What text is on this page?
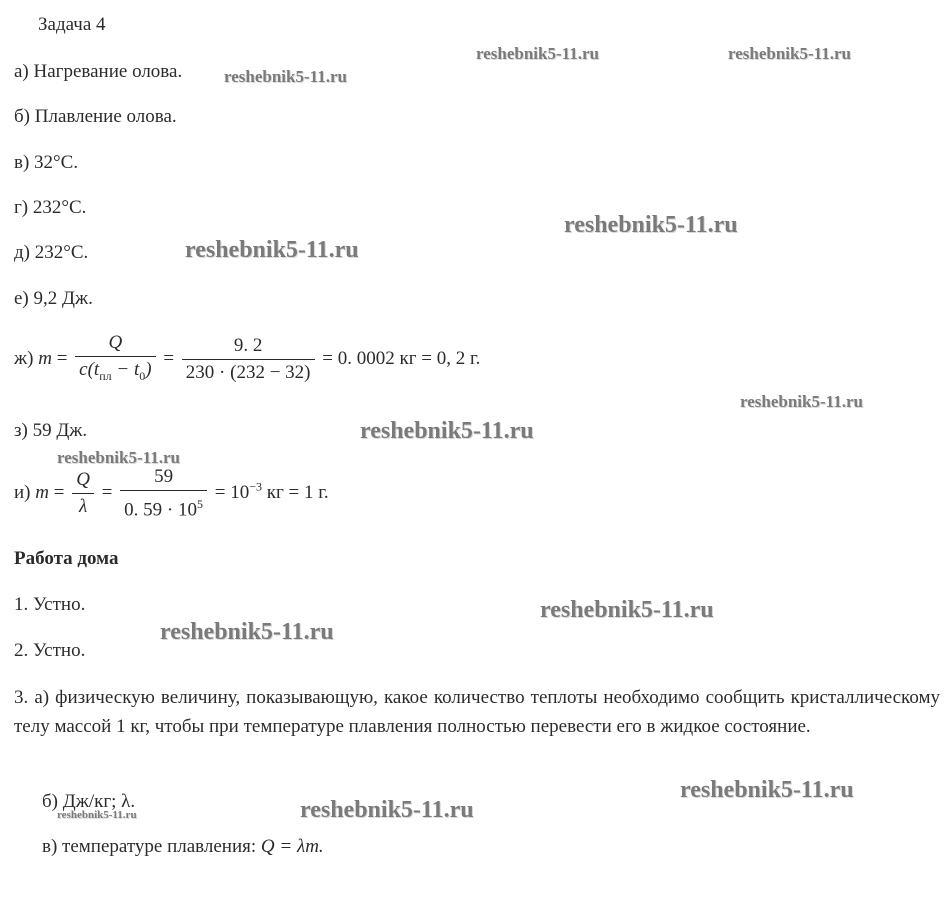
Задача 4
а) Нагревание олова.
б) Плавление олова.
в) 32°С.
г) 232°С.
д) 232°С.
е) 9,2 Дж.
ж) $m = \frac{Q}{c(t_{пл} - t_0)} = \frac{9. 2}{230 \cdot (232 - 32)} = 0$. 0002 кг = 0, 2 г.
з) 59 Дж.
и) $m = \frac{Q}{\lambda} = \frac{59}{0. 59 \cdot 10^5} = 10^{-3}$ кг = 1 г.
Работа дома
1. Устно.
2. Устно.
3. а) физическую величину, показывающую, какое количество теплоты необходимо сообщить кристаллическому телу массой 1 кг, чтобы при температуре плавления полностью перевести его в жидкое состояние.
б) Дж/кг; λ.
в) температуре плавления: Q = λm.
reshebnik5-11.ru	reshebnik5-11.ru
reshebnik5-11.ru
reshebnik5-11.ru
reshebnik5-11.ru
reshebnik5-11.ru
reshebnik5-11.ru
reshebnik5-11.ru
reshebnik5-11.ru
reshebnik5-11.ru
reshebnik5-11.ru
reshebnik5-11.ru
reshebnik5-11.ru
